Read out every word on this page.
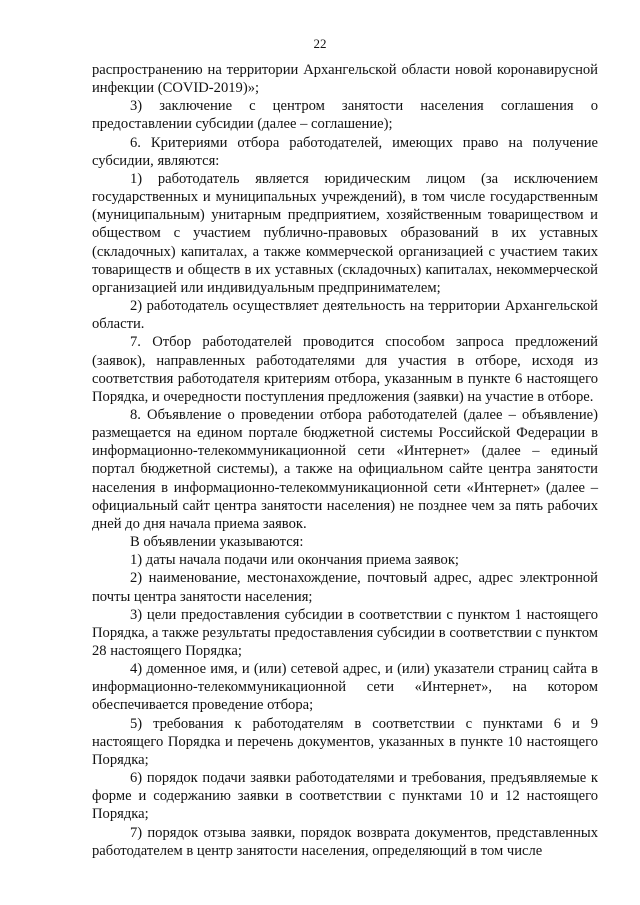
22

распространению на территории Архангельской области новой коронавирусной инфекции (COVID-2019)»;

3) заключение с центром занятости населения соглашения о предоставлении субсидии (далее – соглашение);

6. Критериями отбора работодателей, имеющих право на получение субсидии, являются:

1) работодатель является юридическим лицом (за исключением государственных и муниципальных учреждений), в том числе государственным (муниципальным) унитарным предприятием, хозяйственным товариществом и обществом с участием публично-правовых образований в их уставных (складочных) капиталах, а также коммерческой организацией с участием таких товариществ и обществ в их уставных (складочных) капиталах, некоммерческой организацией или индивидуальным предпринимателем;

2) работодатель осуществляет деятельность на территории Архангельской области.

7. Отбор работодателей проводится способом запроса предложений (заявок), направленных работодателями для участия в отборе, исходя из соответствия работодателя критериям отбора, указанным в пункте 6 настоящего Порядка, и очередности поступления предложения (заявки) на участие в отборе.

8. Объявление о проведении отбора работодателей (далее – объявление) размещается на едином портале бюджетной системы Российской Федерации в информационно-телекоммуникационной сети «Интернет» (далее – единый портал бюджетной системы), а также на официальном сайте центра занятости населения в информационно-телекоммуникационной сети «Интернет» (далее – официальный сайт центра занятости населения) не позднее чем за пять рабочих дней до дня начала приема заявок.

В объявлении указываются:

1) даты начала подачи или окончания приема заявок;

2) наименование, местонахождение, почтовый адрес, адрес электронной почты центра занятости населения;

3) цели предоставления субсидии в соответствии с пунктом 1 настоящего Порядка, а также результаты предоставления субсидии в соответствии с пунктом 28 настоящего Порядка;

4) доменное имя, и (или) сетевой адрес, и (или) указатели страниц сайта в информационно-телекоммуникационной сети «Интернет», на котором обеспечивается проведение отбора;

5) требования к работодателям в соответствии с пунктами 6 и 9 настоящего Порядка и перечень документов, указанных в пункте 10 настоящего Порядка;

6) порядок подачи заявки работодателями и требования, предъявляемые к форме и содержанию заявки в соответствии с пунктами 10 и 12 настоящего Порядка;

7) порядок отзыва заявки, порядок возврата документов, представленных работодателем в центр занятости населения, определяющий в том числе
